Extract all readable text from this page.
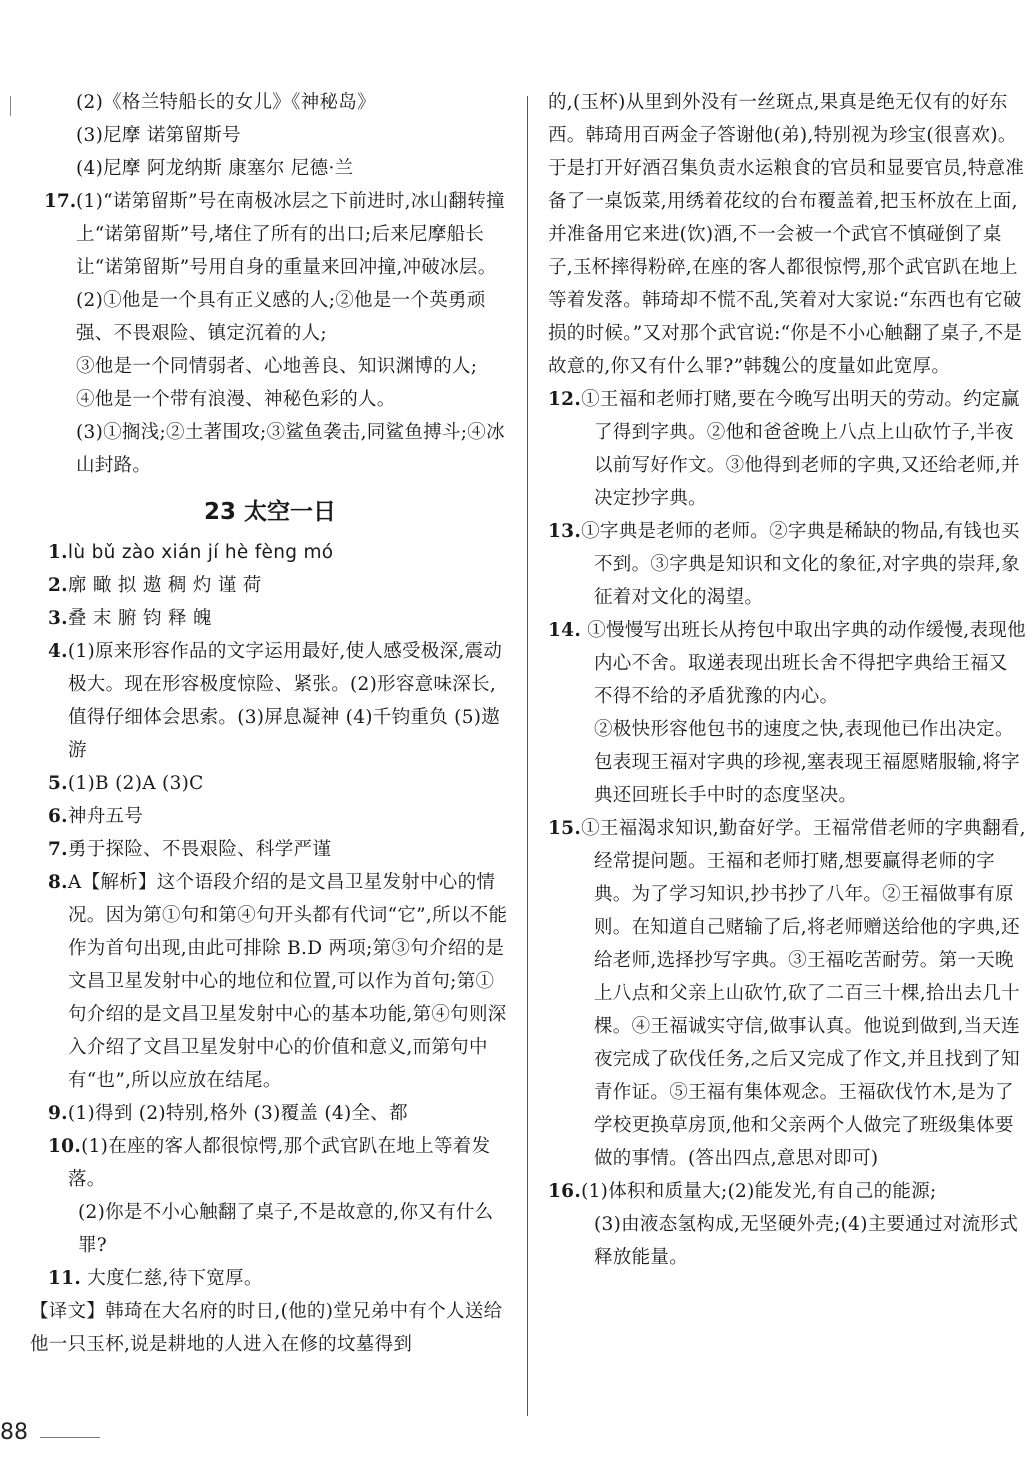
(2)《格兰特船长的女儿》《神秘岛》

(3)尼摩 诺第留斯号

(4)尼摩 阿龙纳斯 康塞尔 尼德·兰

17. (1)“诺第留斯”号在南极冰层之下前进时,冰山翻转撞上“诺第留斯”号,堵住了所有的出口;后来尼摩船长让“诺第留斯”号用自身的重量来回冲撞,冲破冰层。

(2)①他是一个具有正义感的人;②他是一个英勇顽强、不畏艰险、镇定沉着的人;

③他是一个同情弱者、心地善良、知识渊博的人;

④他是一个带有浪漫、神秘色彩的人。

(3)①搁浅;②土著围攻;③鲨鱼袭击,同鲨鱼搏斗;④冰山封路。

23 太空一日

1.lù bǔ zào xián jí hè fèng mó

2.廓 瞰 拟 遨 稠 灼 谨 荷

3.叠 末 腑 钧 释 魄

4.(1)原来形容作品的文字运用最好,使人感受极深,震动极大。现在形容极度惊险、紧张。(2)形容意味深长,值得仔细体会思索。(3)屏息凝神 (4)千钧重负 (5)遨游

5.(1)B (2)A (3)C

6.神舟五号

7.勇于探险、不畏艰险、科学严谨

8.A【解析】这个语段介绍的是文昌卫星发射中心的情况。因为第①句和第④句开头都有代词“它”,所以不能作为首句出现,由此可排除 B.D 两项;第③句介绍的是文昌卫星发射中心的地位和位置,可以作为首句;第①句介绍的是文昌卫星发射中心的基本功能,第④句则深入介绍了文昌卫星发射中心的价值和意义,而第句中有“也”,所以应放在结尾。

9.(1)得到 (2)特别,格外 (3)覆盖 (4)全、都

10.(1)在座的客人都很惊愕,那个武官趴在地上等着发落。

(2)你是不小心触翻了桌子,不是故意的,你又有什么罪?

11. 大度仁慈,待下宽厚。

【译文】韩琦在大名府的时日,(他的)堂兄弟中有个人送给他一只玉杯,说是耕地的人进入在修的坟墓得到

的,(玉杯)从里到外没有一丝斑点,果真是绝无仅有的好东西。韩琦用百两金子答谢他(弟),特别视为珍宝(很喜欢)。于是打开好酒召集负责水运粮食的官员和显要官员,特意准备了一桌饭菜,用绣着花纹的台布覆盖着,把玉杯放在上面,并准备用它来进(饮)酒,不一会被一个武官不慎碰倒了桌子,玉杯摔得粉碎,在座的客人都很惊愕,那个武官趴在地上等着发落。韩琦却不慌不乱,笑着对大家说:“东西也有它破损的时候。”又对那个武官说:“你是不小心触翻了桌子,不是故意的,你又有什么罪?”韩魏公的度量如此宽厚。

12.①王福和老师打赌,要在今晚写出明天的劳动。约定赢了得到字典。②他和爸爸晚上八点上山砍竹子,半夜以前写好作文。③他得到老师的字典,又还给老师,并决定抄字典。

13.①字典是老师的老师。②字典是稀缺的物品,有钱也买不到。③字典是知识和文化的象征,对字典的崇拜,象征着对文化的渴望。

14. ①慢慢写出班长从挎包中取出字典的动作缓慢,表现他内心不舍。取递表现出班长舍不得把字典给王福又不得不给的矛盾犹豫的内心。

②极快形容他包书的速度之快,表现他已作出决定。包表现王福对字典的珍视,塞表现王福愿赌服输,将字典还回班长手中时的态度坚决。

15.①王福渴求知识,勤奋好学。王福常借老师的字典翻看,经常提问题。王福和老师打赌,想要赢得老师的字典。为了学习知识,抄书抄了八年。②王福做事有原则。在知道自己赌输了后,将老师赠送给他的字典,还给老师,选择抄写字典。③王福吃苦耐劳。第一天晚上八点和父亲上山砍竹,砍了二百三十棵,拾出去几十棵。④王福诚实守信,做事认真。他说到做到,当天连夜完成了砍伐任务,之后又完成了作文,并且找到了知青作证。⑤王福有集体观念。王福砍伐竹木,是为了学校更换草房顶,他和父亲两个人做完了班级集体要做的事情。(答出四点,意思对即可)

16.(1)体积和质量大;(2)能发光,有自己的能源;

(3)由液态氢构成,无坚硬外壳;(4)主要通过对流形式释放能量。

88
